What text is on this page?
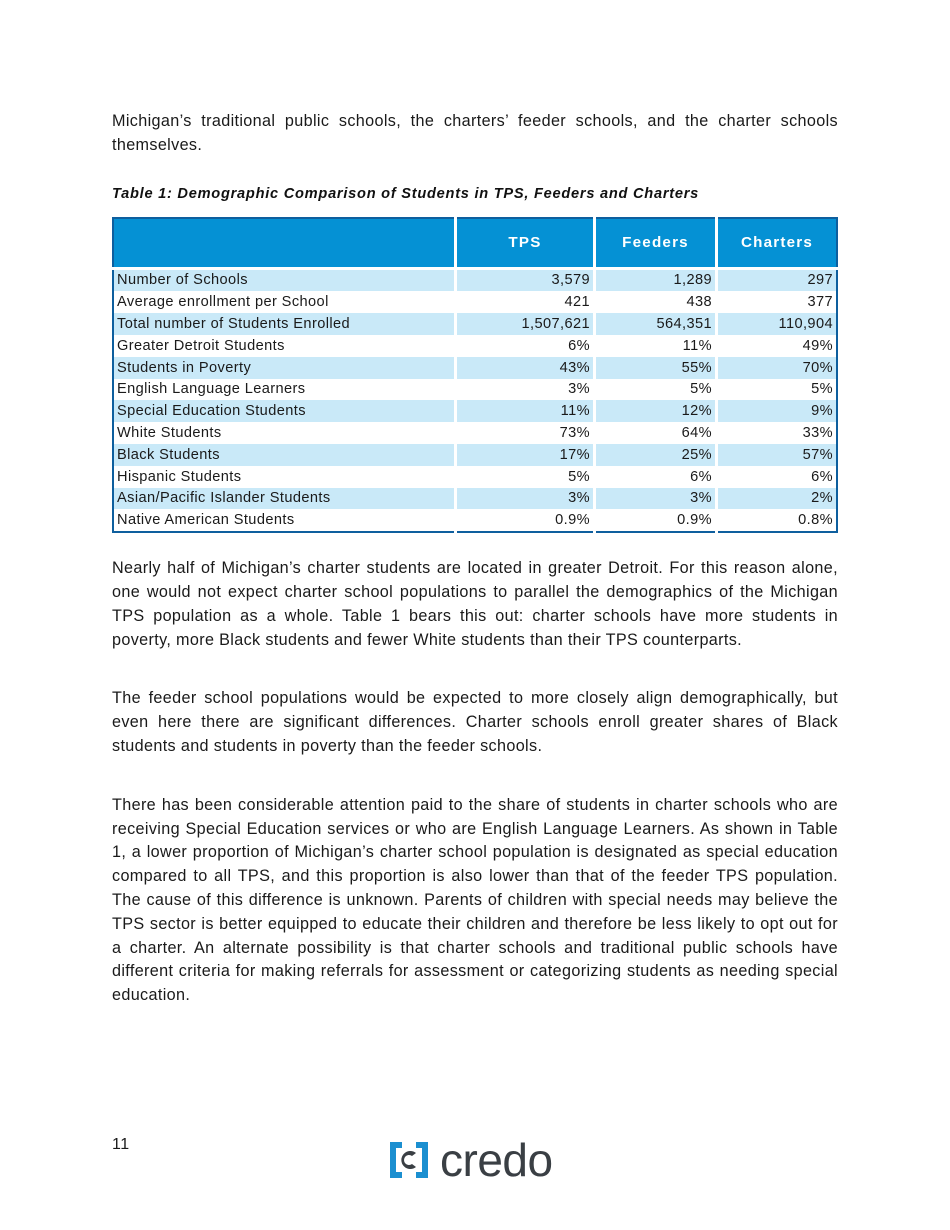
Michigan’s traditional public schools, the charters’ feeder schools, and the charter schools themselves.

Table 1: Demographic Comparison of Students in TPS, Feeders and Charters
	TPS	Feeders	Charters
Number of Schools	3,579	1,289	297
Average enrollment per School	421	438	377
Total number of Students Enrolled	1,507,621	564,351	110,904
Greater Detroit Students	6%	11%	49%
Students in Poverty	43%	55%	70%
English Language Learners	3%	5%	5%
Special Education Students	11%	12%	9%
White Students	73%	64%	33%
Black Students	17%	25%	57%
Hispanic Students	5%	6%	6%
Asian/Pacific Islander Students	3%	3%	2%
Native American Students	0.9%	0.9%	0.8%

Nearly half of Michigan’s charter students are located in greater Detroit. For this reason alone, one would not expect charter school populations to parallel the demographics of the Michigan TPS population as a whole. Table 1 bears this out: charter schools have more students in poverty, more Black students and fewer White students than their TPS counterparts.

The feeder school populations would be expected to more closely align demographically, but even here there are significant differences. Charter schools enroll greater shares of Black students and students in poverty than the feeder schools.

There has been considerable attention paid to the share of students in charter schools who are receiving Special Education services or who are English Language Learners. As shown in Table 1, a lower proportion of Michigan’s charter school population is designated as special education compared to all TPS, and this proportion is also lower than that of the feeder TPS population. The cause of this difference is unknown. Parents of children with special needs may believe the TPS sector is better equipped to educate their children and therefore be less likely to opt out for a charter. An alternate possibility is that charter schools and traditional public schools have different criteria for making referrals for assessment or categorizing students as needing special education.

11	credo
